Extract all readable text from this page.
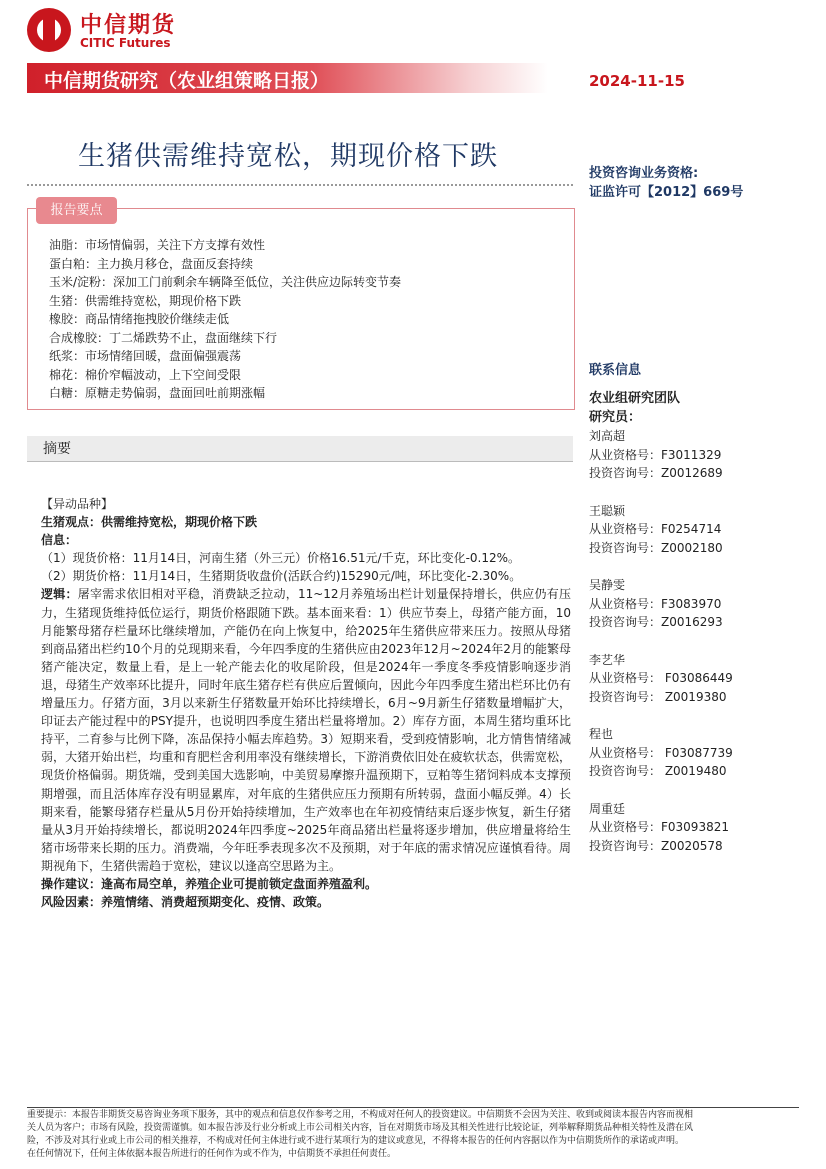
中信期货
CITIC Futures
中信期货研究（农业组策略日报）	2024-11-15
生猪供需维持宽松，期现价格下跌
投资咨询业务资格:
证监许可【2012】669号
报告要点
油脂：市场情偏弱，关注下方支撑有效性
蛋白粕：主力换月移仓，盘面反套持续
玉米/淀粉：深加工门前剩余车辆降至低位，关注供应边际转变节奏
生猪：供需维持宽松，期现价格下跌
橡胶：商品情绪拖拽胶价继续走低
合成橡胶：丁二烯跌势不止，盘面继续下行
纸浆：市场情绪回暖，盘面偏强震荡
棉花：棉价窄幅波动，上下空间受限
白糖：原糖走势偏弱，盘面回吐前期涨幅
摘要

【异动品种】

生猪观点：供需维持宽松，期现价格下跌

信息：

（1）现货价格：11月14日，河南生猪（外三元）价格16.51元/千克，环比变化-0.12%。

（2）期货价格：11月14日，生猪期货收盘价(活跃合约)15290元/吨，环比变化-2.30%。

逻辑：屠宰需求依旧相对平稳，消费缺乏拉动，11~12月养殖场出栏计划量保持增长，供应仍有压力，生猪现货维持低位运行，期货价格跟随下跌。基本面来看：1）供应节奏上，母猪产能方面，10月能繁母猪存栏量环比继续增加，产能仍在向上恢复中，给2025年生猪供应带来压力。按照从母猪到商品猪出栏约10个月的兑现期来看，今年四季度的生猪供应由2023年12月~2024年2月的能繁母猪产能决定，数量上看，是上一轮产能去化的收尾阶段，但是2024年一季度冬季疫情影响逐步消退，母猪生产效率环比提升，同时年底生猪存栏有供应后置倾向，因此今年四季度生猪出栏环比仍有增量压力。仔猪方面，3月以来新生仔猪数量开始环比持续增长，6月~9月新生仔猪数量增幅扩大，印证去产能过程中的PSY提升，也说明四季度生猪出栏量将增加。2）库存方面，本周生猪均重环比持平，二育参与比例下降，冻品保持小幅去库趋势。3）短期来看，受到疫情影响，北方情售情绪减弱，大猪开始出栏，均重和育肥栏舍利用率没有继续增长，下游消费依旧处在疲软状态，供需宽松，现货价格偏弱。期货端，受到美国大选影响，中美贸易摩擦升温预期下，豆粕等生猪饲料成本支撑预期增强，而且活体库存没有明显累库，对年底的生猪供应压力预期有所转弱，盘面小幅反弹。4）长期来看，能繁母猪存栏量从5月份开始持续增加，生产效率也在年初疫情结束后逐步恢复，新生仔猪量从3月开始持续增长，都说明2024年四季度~2025年商品猪出栏量将逐步增加，供应增量将给生猪市场带来长期的压力。消费端，今年旺季表现多次不及预期，对于年底的需求情况应谨慎看待。周期视角下，生猪供需趋于宽松，建议以逢高空思路为主。

操作建议：逢高布局空单，养殖企业可提前锁定盘面养殖盈利。

风险因素：养殖情绪、消费超预期变化、疫情、政策。

联系信息
农业组研究团队
研究员：
刘高超
从业资格号：F3011329
投资咨询号：Z0012689
王聪颖
从业资格号：F0254714
投资咨询号：Z0002180
吴静雯
从业资格号：F3083970
投资咨询号：Z0016293
李艺华
从业资格号： F03086449
投资咨询号： Z0019380
程也
从业资格号： F03087739
投资咨询号： Z0019480
周重廷
从业资格号：F03093821
投资咨询号：Z0020578
重要提示：本报告非期货交易咨询业务项下服务，其中的观点和信息仅作参考之用，不构成对任何人的投资建议。中信期货不会因为关注、收到或阅读本报告内容而视相
关人员为客户；市场有风险，投资需谨慎。如本报告涉及行业分析或上市公司相关内容，旨在对期货市场及其相关性进行比较论证，列举解释期货品种相关特性及潜在风
险，不涉及对其行业或上市公司的相关推荐，不构成对任何主体进行或不进行某项行为的建议或意见，不得将本报告的任何内容据以作为中信期货所作的承诺或声明。
在任何情况下，任何主体依据本报告所进行的任何作为或不作为，中信期货不承担任何责任。
